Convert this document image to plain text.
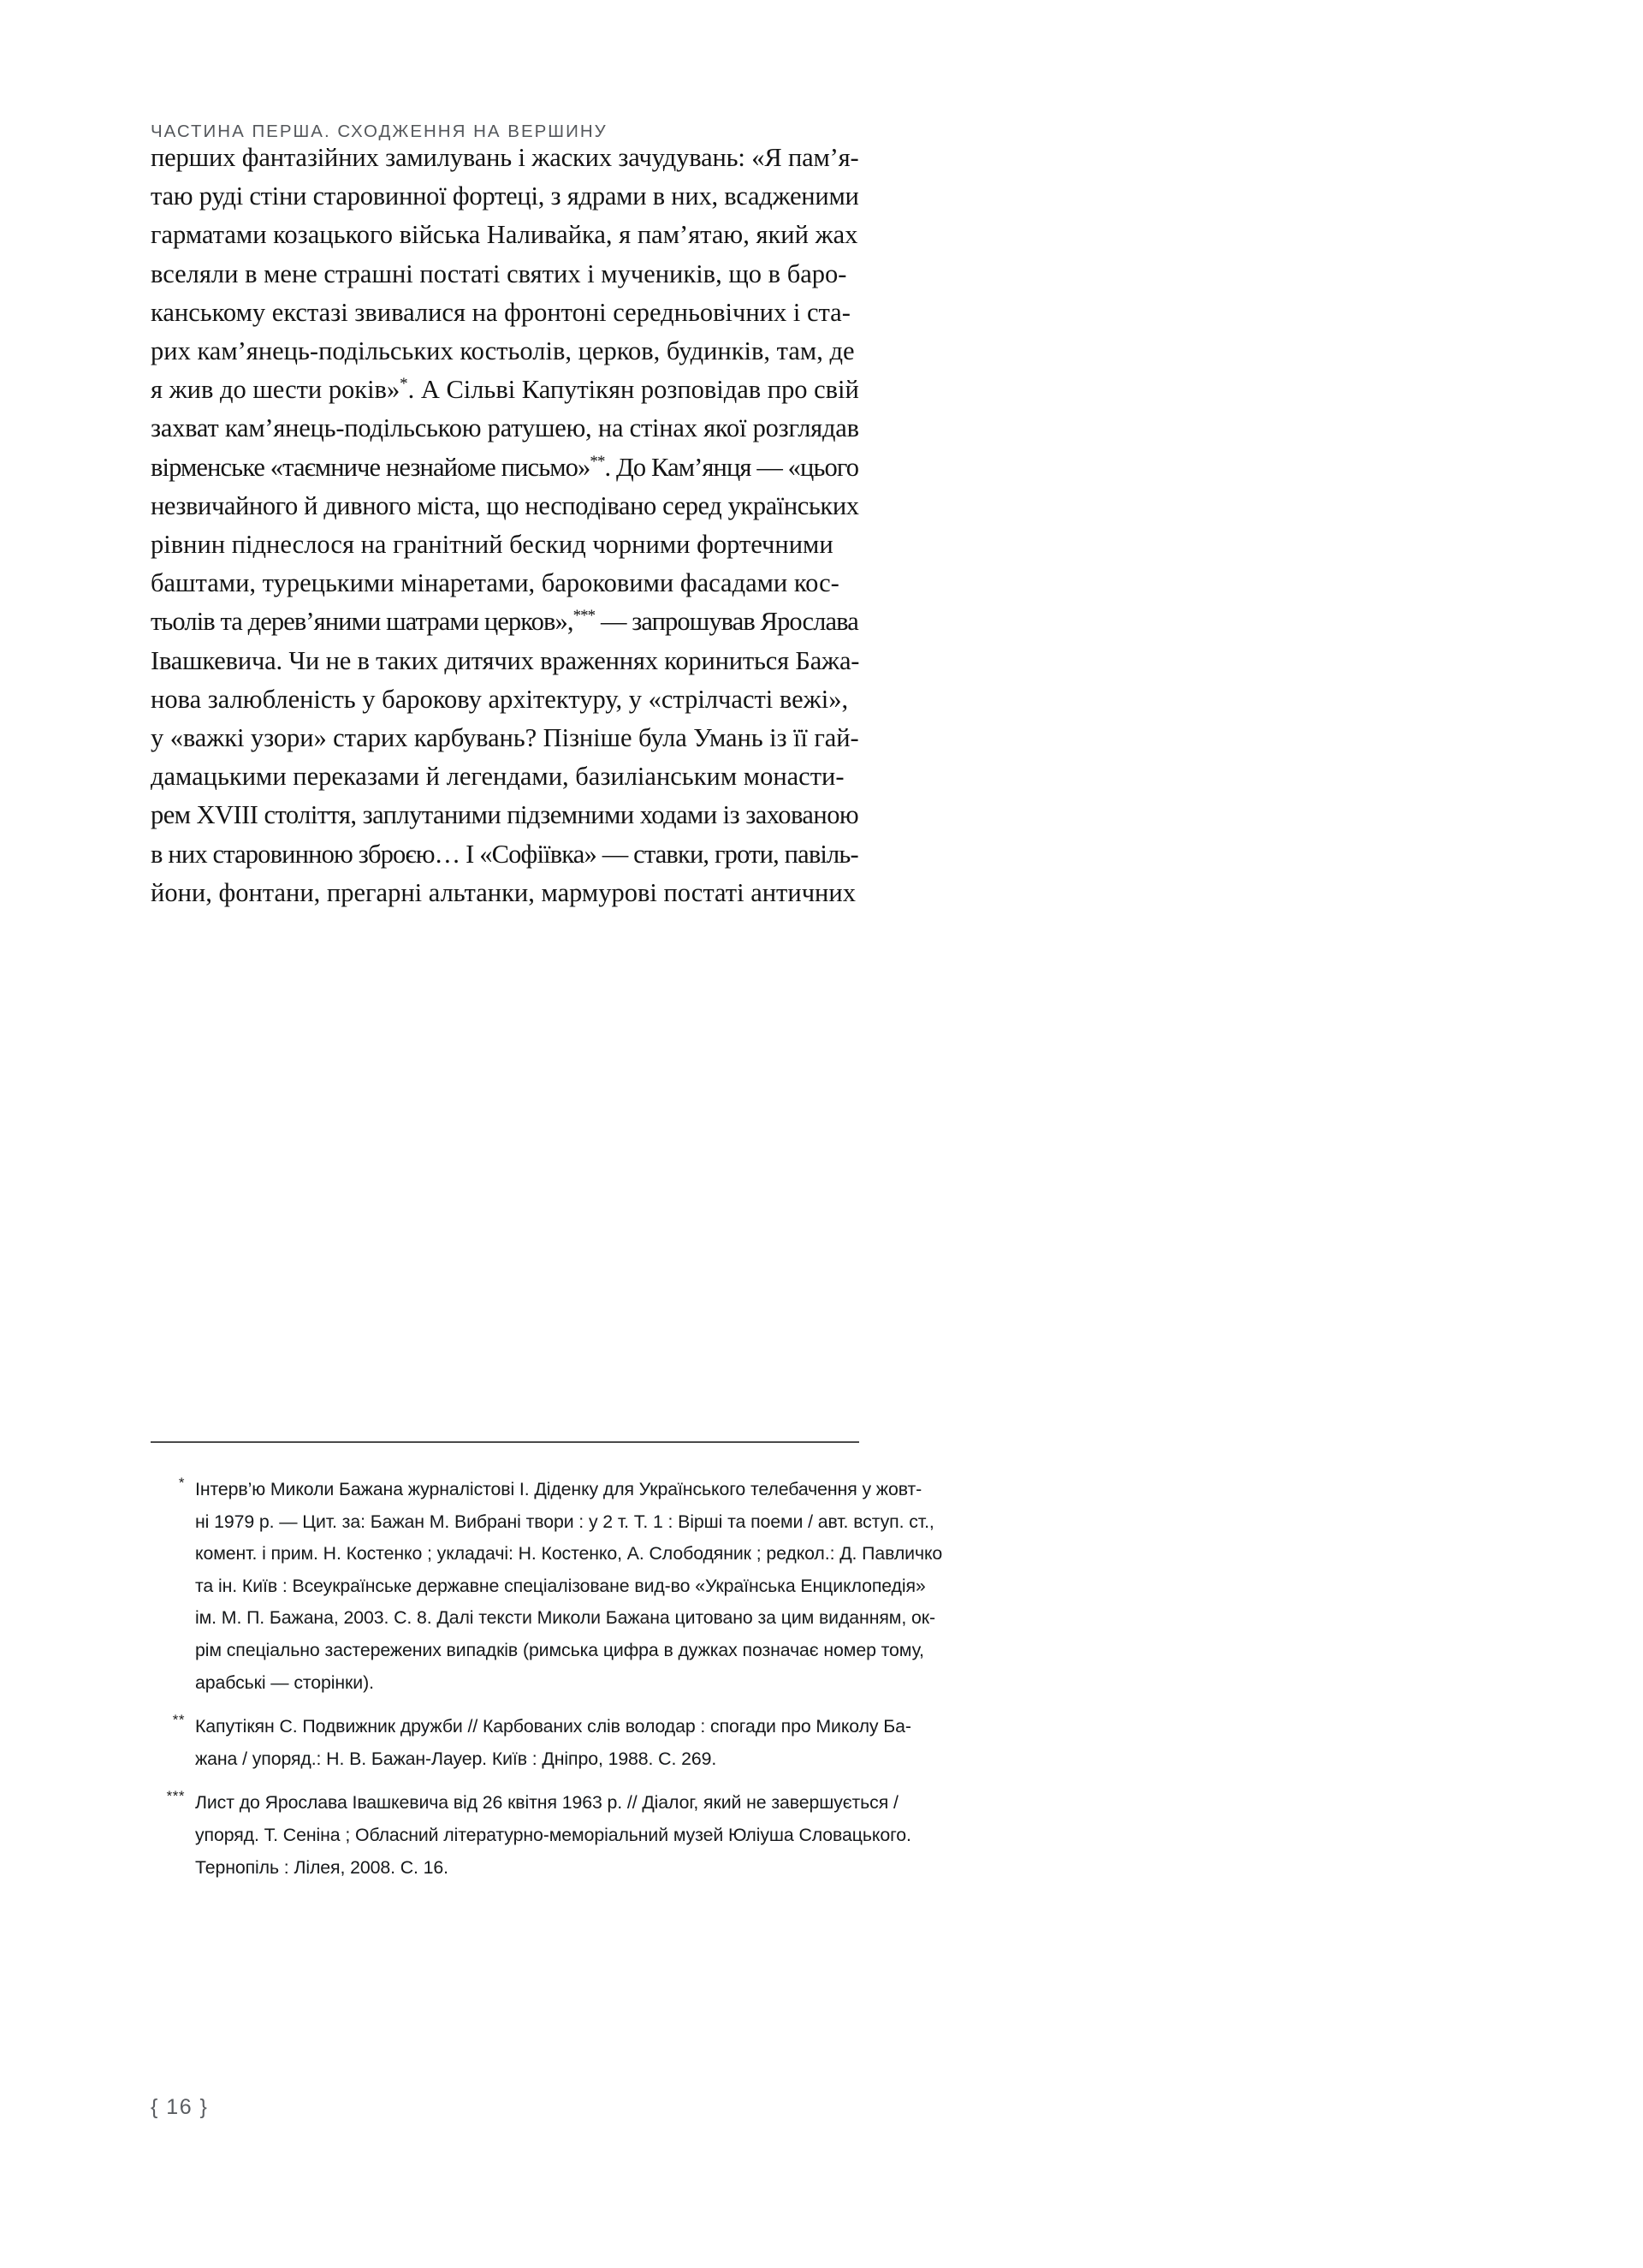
ЧАСТИНА ПЕРША. СХОДЖЕННЯ НА ВЕРШИНУ
перших фантазійних замилувань і жаских зачудувань: «Я пам’я-
таю руді стіни старовинної фортеці, з ядрами в них, всадженими
гарматами козацького війська Наливайка, я пам’ятаю, який жах
вселяли в мене страшні постаті святих і мучеників, що в баро-
канському екстазі звивалися на фронтоні середньовічних і ста-
рих кам’янець-подільських костьолів, церков, будинків, там, де
я жив до шести років»*. А Сільві Капутікян розповідав про свій
захват кам’янець-подільською ратушею, на стінах якої розглядав
вірменське «таємниче незнайоме письмо»**. До Кам’янця — «цього
незвичайного й дивного міста, що несподівано серед українських
рівнин піднеслося на гранітний бескид чорними фортечними
баштами, турецькими мінаретами, бароковими фасадами кос-
тьолів та дерев’яними шатрами церков»,*** — запрошував Ярослава
Івашкевича. Чи не в таких дитячих враженнях кориниться Бажа-
нова залюбленість у барокову архітектуру, у «стрілчасті вежі»,
у «важкі узори» старих карбувань? Пізніше була Умань із її гай-
дамацькими переказами й легендами, базиліанським монасти-
рем XVIII століття, заплутаними підземними ходами із захованою
в них старовинною зброєю… І «Софіївка» — ставки, гроти, павіль-
йони, фонтани, прегарні альтанки, мармурові постаті античних
* Інтерв’ю Миколи Бажана журналістові І. Діденку для Українського телебачення у жовт-
ні 1979 р. — Цит. за: Бажан М. Вибрані твори : у 2 т. Т. 1 : Вірші та поеми / авт. вступ. ст.,
комент. і прим. Н. Костенко ; укладачі: Н. Костенко, А. Слободяник ; редкол.: Д. Павличко
та ін. Київ : Всеукраїнське державне спеціалізоване вид-во «Українська Енциклопедія»
ім. М. П. Бажана, 2003. С. 8. Далі тексти Миколи Бажана цитовано за цим виданням, ок-
рім спеціально застережених випадків (римська цифра в дужках позначає номер тому,
арабські — сторінки).
** Капутікян С. Подвижник дружби // Карбованих слів володар : спогади про Миколу Ба-
жана / упоряд.: Н. В. Бажан-Лауер. Київ : Дніпро, 1988. С. 269.
*** Лист до Ярослава Івашкевича від 26 квітня 1963 р. // Діалог, який не завершується /
упоряд. Т. Сеніна ; Обласний літературно-меморіальний музей Юліуша Словацького.
Тернопіль : Лілея, 2008. С. 16.
{ 16 }
